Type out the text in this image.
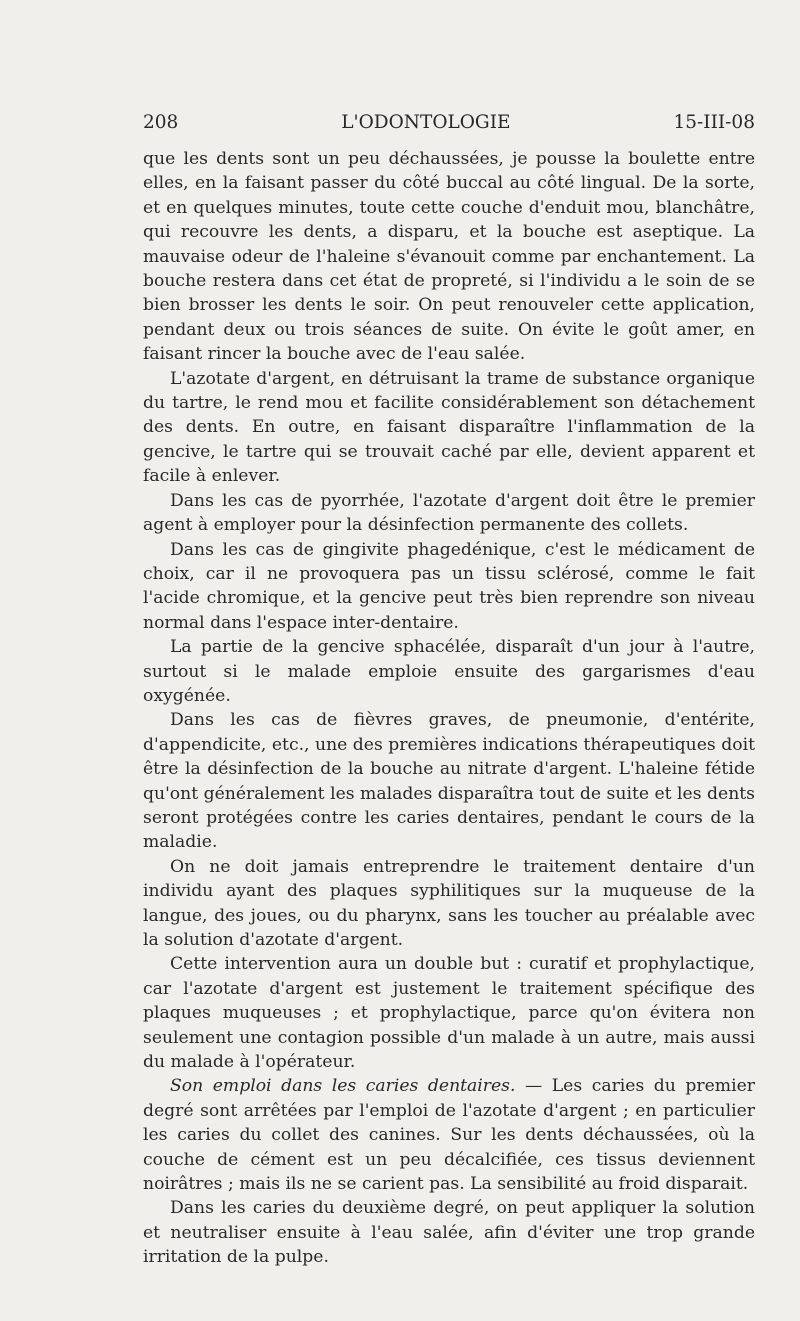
208	L'ODONTOLOGIE	15-III-08

que les dents sont un peu déchaussées, je pousse la boulette entre elles, en la faisant passer du côté buccal au côté lingual. De la sorte, et en quelques minutes, toute cette couche d'enduit mou, blanchâtre, qui recouvre les dents, a disparu, et la bouche est aseptique. La mauvaise odeur de l'haleine s'évanouit comme par enchantement. La bouche restera dans cet état de propreté, si l'individu a le soin de se bien brosser les dents le soir. On peut renouveler cette application, pendant deux ou trois séances de suite. On évite le goût amer, en faisant rincer la bouche avec de l'eau salée.

L'azotate d'argent, en détruisant la trame de substance organique du tartre, le rend mou et facilite considérablement son détachement des dents. En outre, en faisant disparaître l'inflammation de la gencive, le tartre qui se trouvait caché par elle, devient apparent et facile à enlever.

Dans les cas de pyorrhée, l'azotate d'argent doit être le premier agent à employer pour la désinfection permanente des collets.

Dans les cas de gingivite phagedénique, c'est le médicament de choix, car il ne provoquera pas un tissu sclérosé, comme le fait l'acide chromique, et la gencive peut très bien reprendre son niveau normal dans l'espace inter-dentaire.

La partie de la gencive sphacélée, disparaît d'un jour à l'autre, surtout si le malade emploie ensuite des gargarismes d'eau oxygénée.

Dans les cas de fièvres graves, de pneumonie, d'entérite, d'appendicite, etc., une des premières indications thérapeutiques doit être la désinfection de la bouche au nitrate d'argent. L'haleine fétide qu'ont généralement les malades disparaîtra tout de suite et les dents seront protégées contre les caries dentaires, pendant le cours de la maladie.

On ne doit jamais entreprendre le traitement dentaire d'un individu ayant des plaques syphilitiques sur la muqueuse de la langue, des joues, ou du pharynx, sans les toucher au préalable avec la solution d'azotate d'argent.

Cette intervention aura un double but : curatif et prophylactique, car l'azotate d'argent est justement le traitement spécifique des plaques muqueuses ; et prophylactique, parce qu'on évitera non seulement une contagion possible d'un malade à un autre, mais aussi du malade à l'opérateur.

Son emploi dans les caries dentaires. — Les caries du premier degré sont arrêtées par l'emploi de l'azotate d'argent ; en particulier les caries du collet des canines. Sur les dents déchaussées, où la couche de cément est un peu décalcifiée, ces tissus deviennent noirâtres ; mais ils ne se carient pas. La sensibilité au froid disparait.

Dans les caries du deuxième degré, on peut appliquer la solution et neutraliser ensuite à l'eau salée, afin d'éviter une trop grande irritation de la pulpe.
